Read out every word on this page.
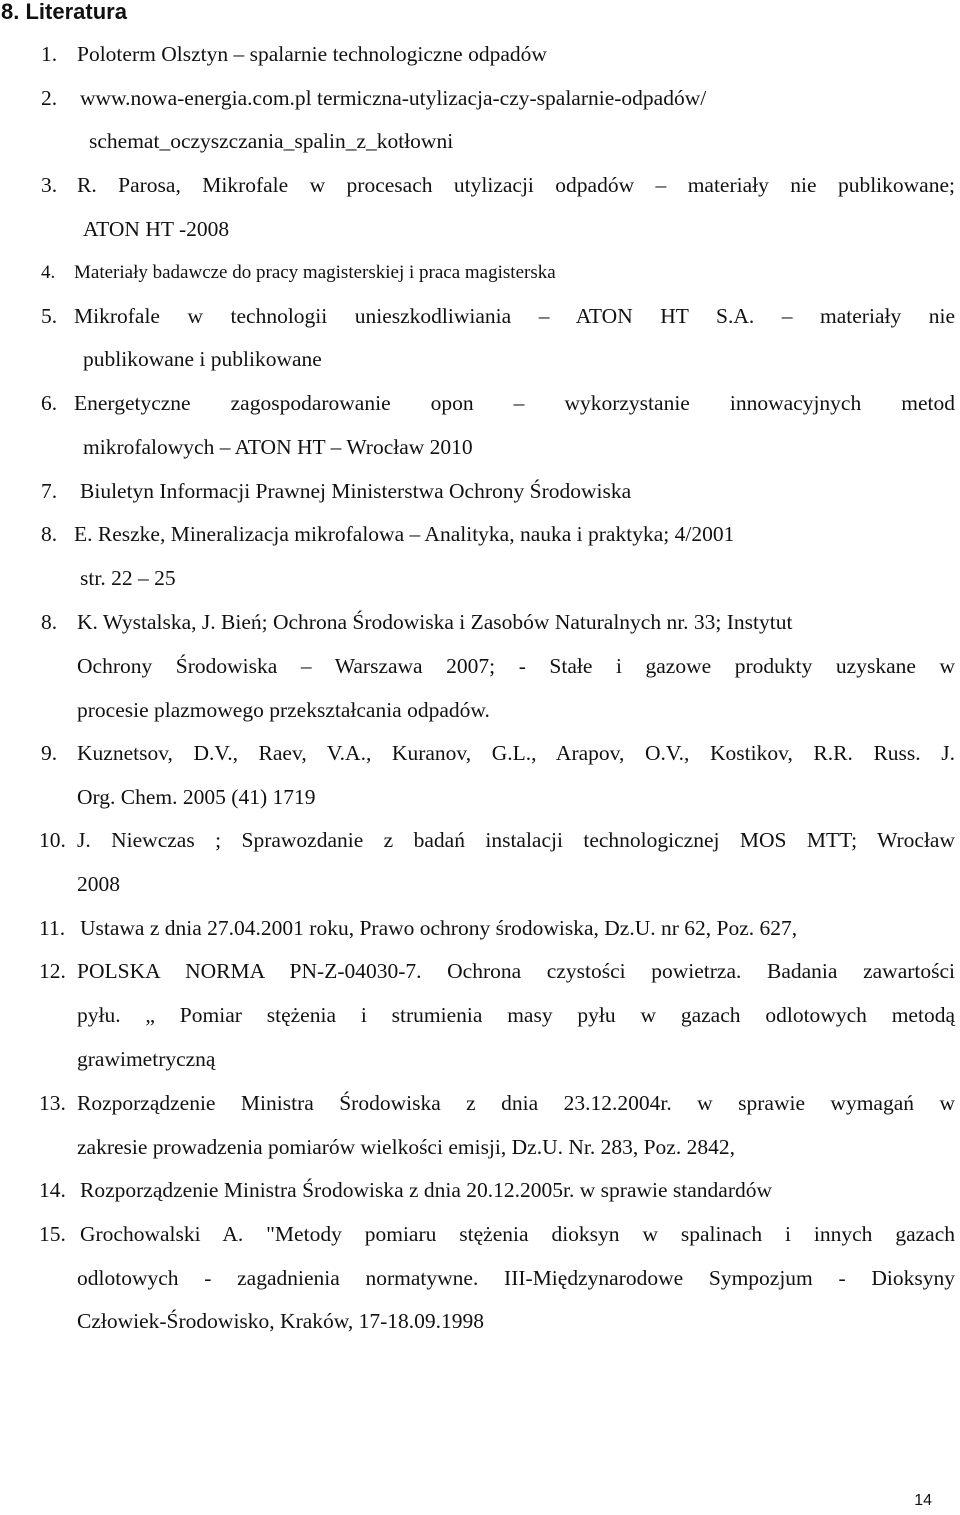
8. Literatura
1. Poloterm Olsztyn – spalarnie technologiczne odpadów
2. www.nowa-energia.com.pl termiczna-utylizacja-czy-spalarnie-odpadów/
schemat_oczyszczania_spalin_z_kotłowni
3. R. Parosa, Mikrofale w procesach utylizacji odpadów – materiały nie publikowane;
ATON HT -2008
4. Materiały badawcze do pracy magisterskiej i praca magisterska
5. Mikrofale w technologii unieszkodliwiania – ATON HT S.A. – materiały nie
publikowane i publikowane
6. Energetyczne zagospodarowanie opon – wykorzystanie innowacyjnych metod
mikrofalowych – ATON HT – Wrocław 2010
7. Biuletyn Informacji Prawnej Ministerstwa Ochrony Środowiska
8. E. Reszke, Mineralizacja mikrofalowa – Analityka, nauka i praktyka; 4/2001
str. 22 – 25
8. K. Wystalska, J. Bień; Ochrona Środowiska i Zasobów Naturalnych nr. 33; Instytut
Ochrony Środowiska – Warszawa 2007; - Stałe i gazowe produkty uzyskane w
procesie plazmowego przekształcania odpadów.
9. Kuznetsov, D.V., Raev, V.A., Kuranov, G.L., Arapov, O.V., Kostikov, R.R. Russ. J.
Org. Chem. 2005 (41) 1719
10. J. Niewczas ; Sprawozdanie z badań instalacji technologicznej MOS MTT; Wrocław
2008
11. Ustawa z dnia 27.04.2001 roku, Prawo ochrony środowiska, Dz.U. nr 62, Poz. 627,
12. POLSKA NORMA PN-Z-04030-7. Ochrona czystości powietrza. Badania zawartości
pyłu. „ Pomiar stężenia i strumienia masy pyłu w gazach odlotowych metodą
grawimetryczną
13. Rozporządzenie Ministra Środowiska z dnia 23.12.2004r. w sprawie wymagań w
zakresie prowadzenia pomiarów wielkości emisji, Dz.U. Nr. 283, Poz. 2842,
14. Rozporządzenie Ministra Środowiska z dnia 20.12.2005r. w sprawie standardów
15. Grochowalski A. "Metody pomiaru stężenia dioksyn w spalinach i innych gazach
odlotowych - zagadnienia normatywne. III-Międzynarodowe Sympozjum - Dioksyny
Człowiek-Środowisko, Kraków, 17-18.09.1998
14
